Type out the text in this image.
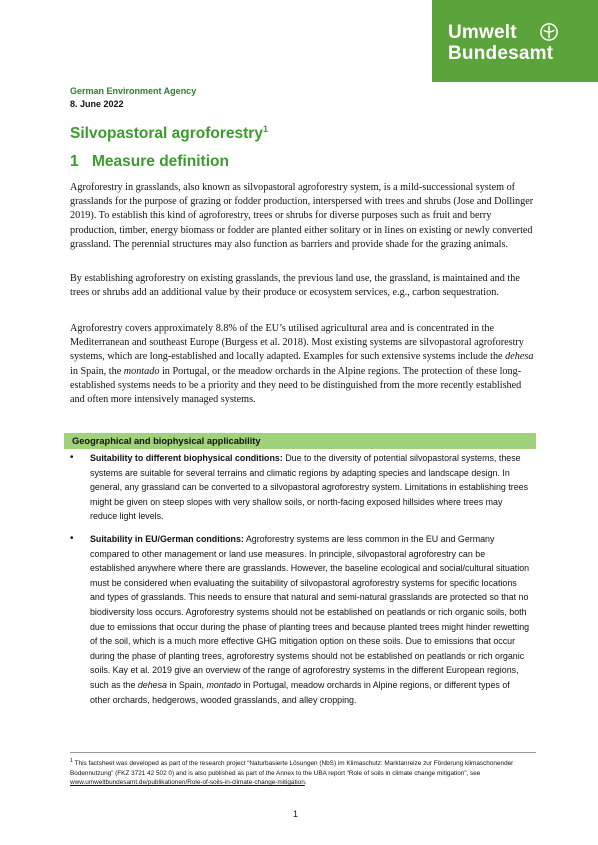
Umwelt
Bundesamt
German Environment Agency
8. June 2022
Silvopastoral agroforestry$^1$
1 Measure definition

Agroforestry in grasslands, also known as silvopastoral agroforestry system, is a mild-successional system of grasslands for the purpose of grazing or fodder production, interspersed with trees and shrubs (Jose and Dollinger 2019). To establish this kind of agroforestry, trees or shrubs for diverse purposes such as fruit and berry production, timber, energy biomass or fodder are planted either solitary or in lines on existing or newly converted grassland. The perennial structures may also function as barriers and provide shade for the grazing animals.

By establishing agroforestry on existing grasslands, the previous land use, the grassland, is maintained and the trees or shrubs add an additional value by their produce or ecosystem services, e.g., carbon sequestration.

Agroforestry covers approximately 8.8% of the EU’s utilised agricultural area and is concentrated in the Mediterranean and southeast Europe (Burgess et al. 2018). Most existing systems are silvopastoral agroforestry systems, which are long-established and locally adapted. Examples for such extensive systems include the dehesa in Spain, the montado in Portugal, or the meadow orchards in the Alpine regions. The protection of these long-established systems needs to be a priority and they need to be distinguished from the more recently established and often more intensively managed systems.

Geographical and biophysical applicability
• Suitability to different biophysical conditions: Due to the diversity of potential silvopastoral systems, these systems are suitable for several terrains and climatic regions by adapting species and landscape design. In general, any grassland can be converted to a silvopastoral agroforestry system. Limitations in establishing trees might be given on steep slopes with very shallow soils, or north-facing exposed hillsides where trees may reduce light levels.
• Suitability in EU/German conditions: Agroforestry systems are less common in the EU and Germany compared to other management or land use measures. In principle, silvopastoral agroforestry can be established anywhere where there are grasslands. However, the baseline ecological and social/cultural situation must be considered when evaluating the suitability of silvopastoral agroforestry systems for specific locations and types of grasslands. This needs to ensure that natural and semi-natural grasslands are protected so that no biodiversity loss occurs. Agroforestry systems should not be established on peatlands or rich organic soils, both due to emissions that occur during the phase of planting trees and because planted trees might hinder rewetting of the soil, which is a much more effective GHG mitigation option on these soils. Due to emissions that occur during the phase of planting trees, agroforestry systems should not be established on peatlands or rich organic soils. Kay et al. 2019 give an overview of the range of agroforestry systems in the different European regions, such as the dehesa in Spain, montado in Portugal, meadow orchards in Alpine regions, or different types of other orchards, hedgerows, wooded grasslands, and alley cropping.
$^1$ This factsheet was developed as part of the research project “Naturbasierte Lösungen (NbS) im Klimaschutz: Marktanreize zur Förderung klimaschonender Bodennutzung” (FKZ 3721 42 502 0) and is also published as part of the Annex to the UBA report “Role of soils in climate change mitigation”, see www.umweltbundesamt.de/publikationen/Role-of-soils-in-climate-change-mitigation.
1
